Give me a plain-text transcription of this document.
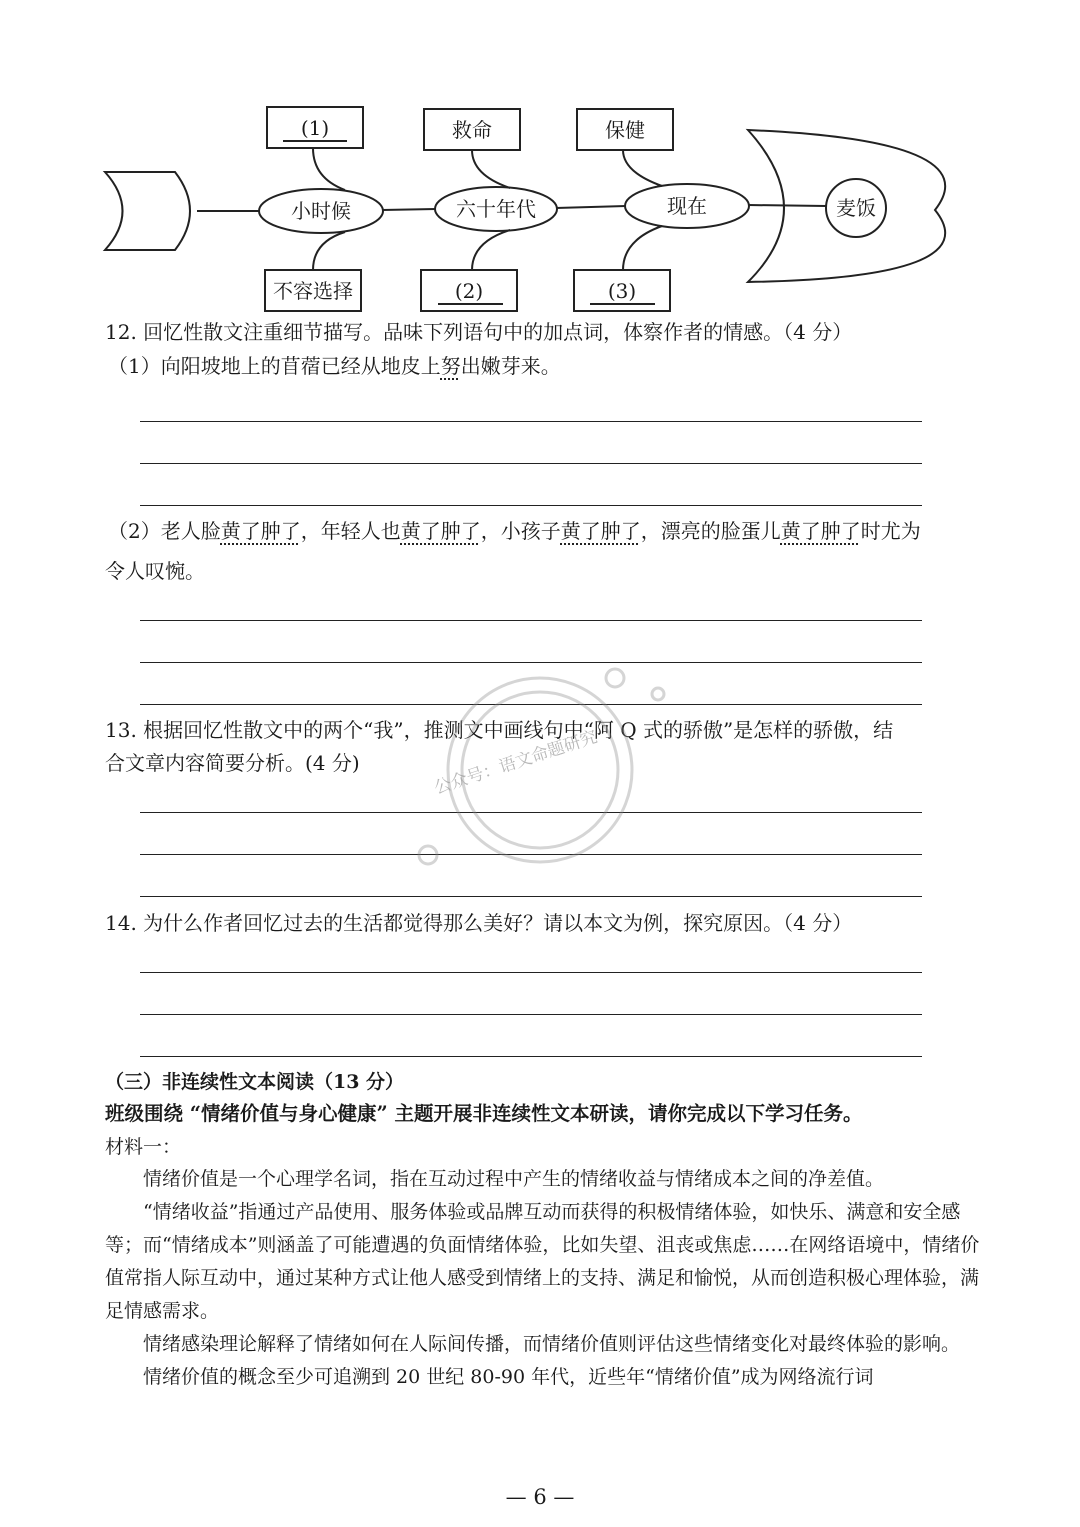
(1)	救命	保健
小时候	六十年代	现在	麦饭
不容选择	(2)	(3)
12. 回忆性散文注重细节描写。品味下列语句中的加点词，体察作者的情感。（4 分）
（1）向阳坡地上的苜蓿已经从地皮上努出嫩芽来。
（2）老人脸黄了肿了，年轻人也黄了肿了，小孩子黄了肿了，漂亮的脸蛋儿黄了肿了时尤为
令人叹惋。
13. 根据回忆性散文中的两个“我”，推测文中画线句中“阿 Q 式的骄傲”是怎样的骄傲，结
合文章内容简要分析。(4 分)
14. 为什么作者回忆过去的生活都觉得那么美好？请以本文为例，探究原因。（4 分）
（三）非连续性文本阅读（13 分）
班级围绕 “情绪价值与身心健康” 主题开展非连续性文本研读，请你完成以下学习任务。
材料一：

情绪价值是一个心理学名词，指在互动过程中产生的情绪收益与情绪成本之间的净差值。

“情绪收益”指通过产品使用、服务体验或品牌互动而获得的积极情绪体验，如快乐、满意和安全感等；而“情绪成本”则涵盖了可能遭遇的负面情绪体验，比如失望、沮丧或焦虑……在网络语境中，情绪价值常指人际互动中，通过某种方式让他人感受到情绪上的支持、满足和愉悦，从而创造积极心理体验，满足情感需求。

情绪感染理论解释了情绪如何在人际间传播，而情绪价值则评估这些情绪变化对最终体验的影响。

情绪价值的概念至少可追溯到 20 世纪 80-90 年代，近些年“情绪价值”成为网络流行词

公众号：语文命题研究
— 6 —
